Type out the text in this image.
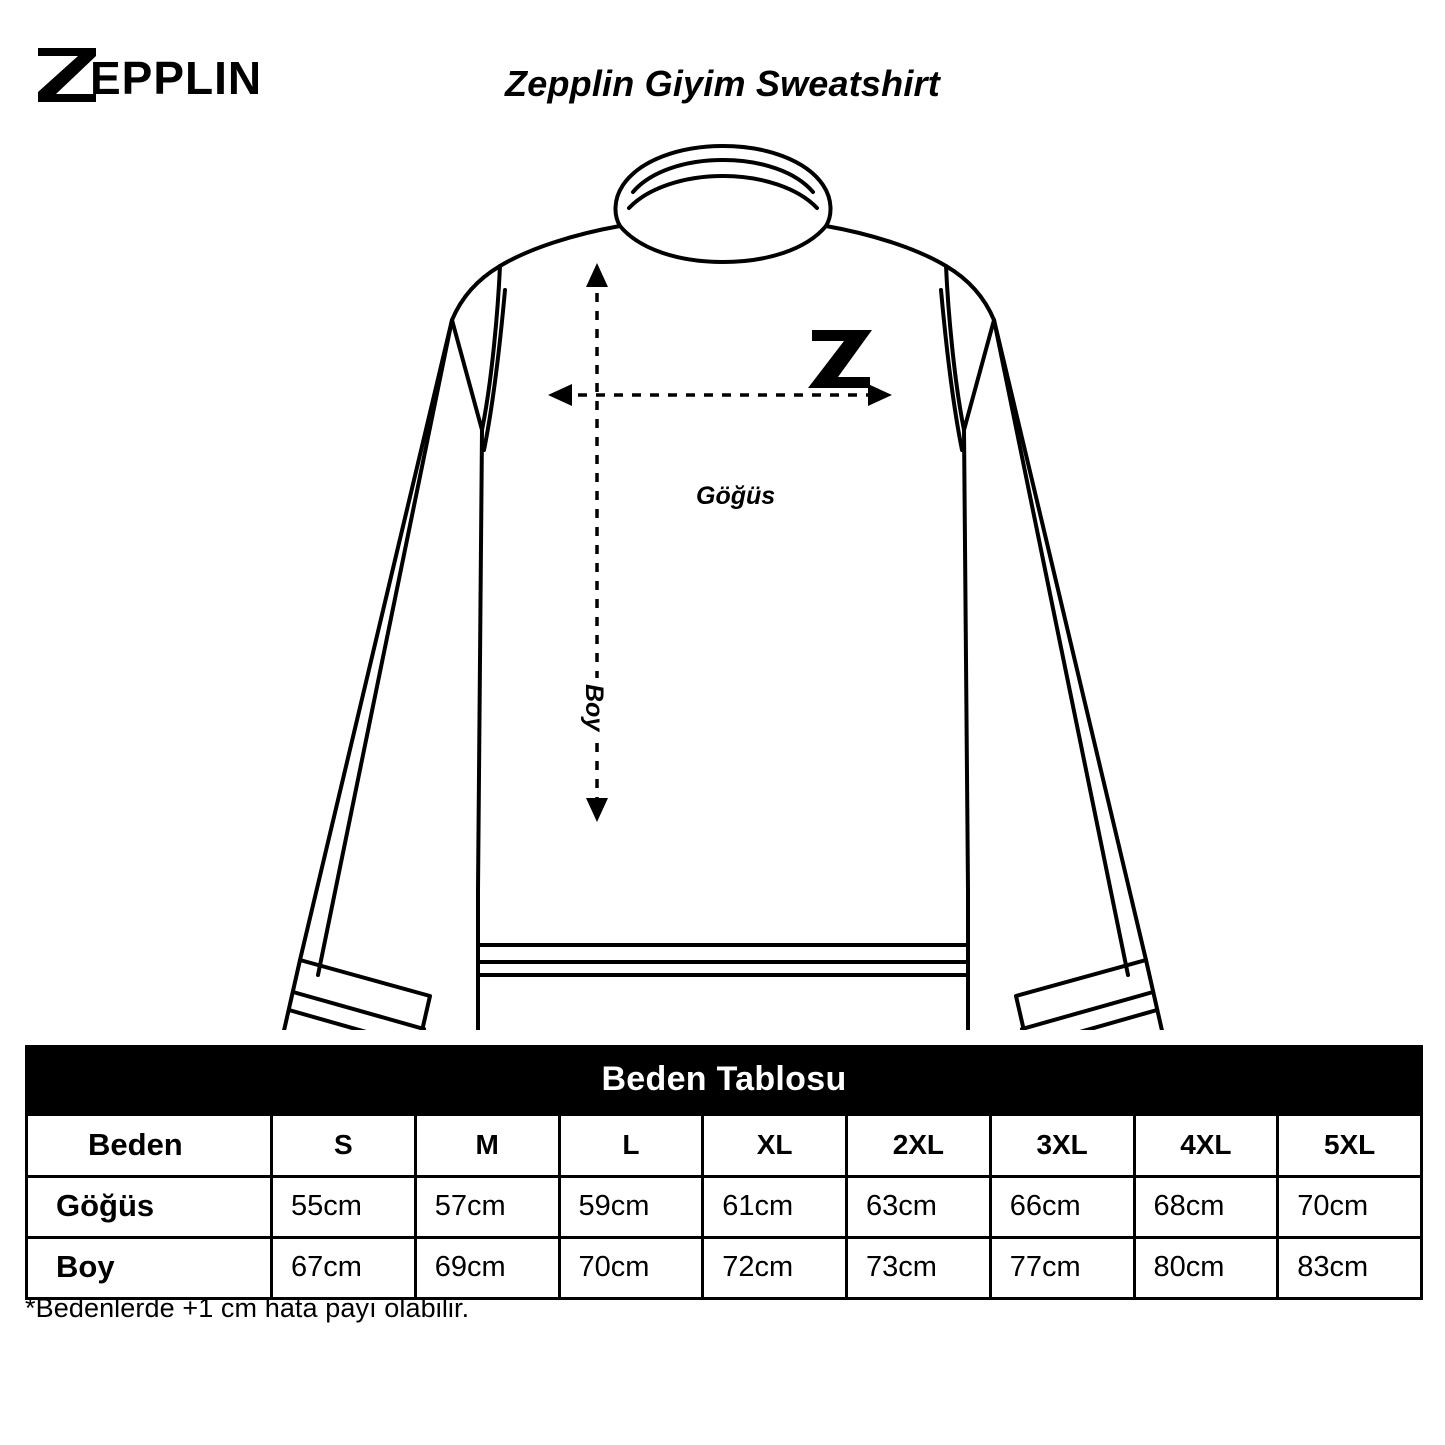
EPPLIN	Zepplin Giyim Sweatshirt
Göğüs
Boy
Beden Tablosu								
Beden	S	M	L	XL	2XL	3XL	4XL	5XL
Göğüs	55cm	57cm	59cm	61cm	63cm	66cm	68cm	70cm
Boy	67cm	69cm	70cm	72cm	73cm	77cm	80cm	83cm
*Bedenlerde +1 cm hata payı olabilir.
